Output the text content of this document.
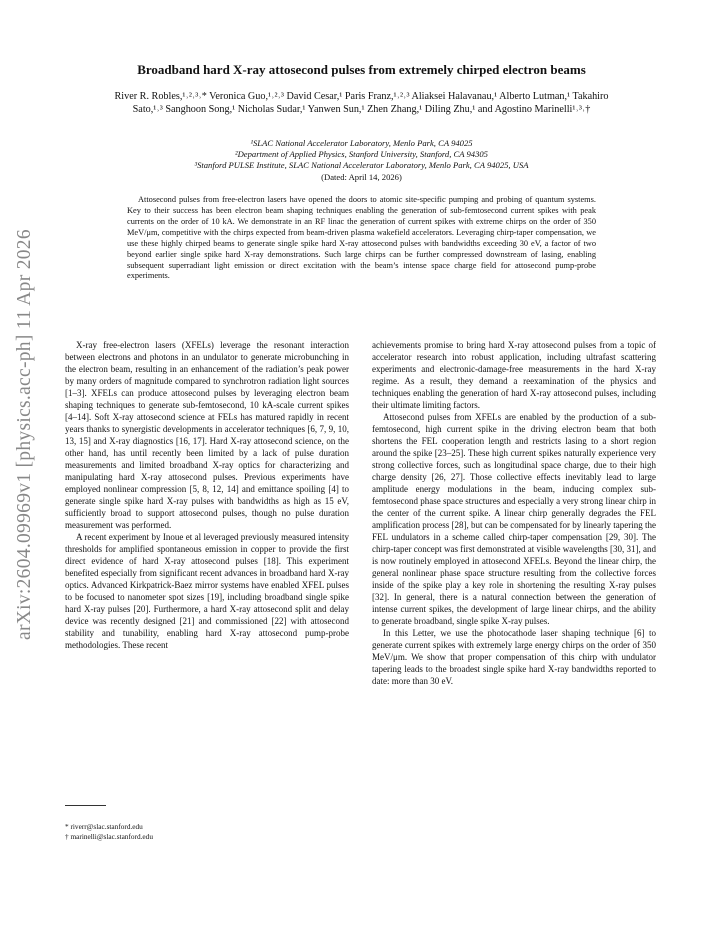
arXiv:2604.09969v1 [physics.acc-ph] 11 Apr 2026
Broadband hard X-ray attosecond pulses from extremely chirped electron beams
River R. Robles,¹˒²˒³˒* Veronica Guo,¹˒²˒³ David Cesar,¹ Paris Franz,¹˒²˒³ Aliaksei Halavanau,¹ Alberto Lutman,¹ Takahiro Sato,¹˒³ Sanghoon Song,¹ Nicholas Sudar,¹ Yanwen Sun,¹ Zhen Zhang,¹ Diling Zhu,¹ and Agostino Marinelli¹˒³˒†
¹SLAC National Accelerator Laboratory, Menlo Park, CA 94025
²Department of Applied Physics, Stanford University, Stanford, CA 94305
³Stanford PULSE Institute, SLAC National Accelerator Laboratory, Menlo Park, CA 94025, USA
(Dated: April 14, 2026)
Attosecond pulses from free-electron lasers have opened the doors to atomic site-specific pumping and probing of quantum systems. Key to their success has been electron beam shaping techniques enabling the generation of sub-femtosecond current spikes with peak currents on the order of 10 kA. We demonstrate in an RF linac the generation of current spikes with extreme chirps on the order of 350 MeV/μm, competitive with the chirps expected from beam-driven plasma wakefield accelerators. Leveraging chirp-taper compensation, we use these highly chirped beams to generate single spike hard X-ray attosecond pulses with bandwidths exceeding 30 eV, a factor of two beyond earlier single spike hard X-ray demonstrations. Such large chirps can be further compressed downstream of lasing, enabling subsequent superradiant light emission or direct excitation with the beam’s intense space charge field for attosecond pump-probe experiments.

X-ray free-electron lasers (XFELs) leverage the resonant interaction between electrons and photons in an undulator to generate microbunching in the electron beam, resulting in an enhancement of the radiation’s peak power by many orders of magnitude compared to synchrotron radiation light sources [1–3]. XFELs can produce attosecond pulses by leveraging electron beam shaping techniques to generate sub-femtosecond, 10 kA-scale current spikes [4–14]. Soft X-ray attosecond science at FELs has matured rapidly in recent years thanks to synergistic developments in accelerator techniques [6, 7, 9, 10, 13, 15] and X-ray diagnostics [16, 17]. Hard X-ray attosecond science, on the other hand, has until recently been limited by a lack of pulse duration measurements and limited broadband X-ray optics for characterizing and manipulating hard X-ray attosecond pulses. Previous experiments have employed nonlinear compression [5, 8, 12, 14] and emittance spoiling [4] to generate single spike hard X-ray pulses with bandwidths as high as 15 eV, sufficiently broad to support attosecond pulses, though no pulse duration measurement was performed.

A recent experiment by Inoue et al leveraged previously measured intensity thresholds for amplified spontaneous emission in copper to provide the first direct evidence of hard X-ray attosecond pulses [18]. This experiment benefited especially from significant recent advances in broadband hard X-ray optics. Advanced Kirkpatrick-Baez mirror systems have enabled XFEL pulses to be focused to nanometer spot sizes [19], including broadband single spike hard X-ray pulses [20]. Furthermore, a hard X-ray attosecond split and delay device was recently designed [21] and commissioned [22] with attosecond stability and tunability, enabling hard X-ray attosecond pump-probe methodologies. These recent

achievements promise to bring hard X-ray attosecond pulses from a topic of accelerator research into robust application, including ultrafast scattering experiments and electronic-damage-free measurements in the hard X-ray regime. As a result, they demand a reexamination of the physics and techniques enabling the generation of hard X-ray attosecond pulses, including their ultimate limiting factors.

Attosecond pulses from XFELs are enabled by the production of a sub-femtosecond, high current spike in the driving electron beam that both shortens the FEL cooperation length and restricts lasing to a short region around the spike [23–25]. These high current spikes naturally experience very strong collective forces, such as longitudinal space charge, due to their high charge density [26, 27]. Those collective effects inevitably lead to large amplitude energy modulations in the beam, inducing complex sub-femtosecond phase space structures and especially a very strong linear chirp in the center of the current spike. A linear chirp generally degrades the FEL amplification process [28], but can be compensated for by linearly tapering the FEL undulators in a scheme called chirp-taper compensation [29, 30]. The chirp-taper concept was first demonstrated at visible wavelengths [30, 31], and is now routinely employed in attosecond XFELs. Beyond the linear chirp, the general nonlinear phase space structure resulting from the collective forces inside of the spike play a key role in shortening the resulting X-ray pulses [32]. In general, there is a natural connection between the generation of intense current spikes, the development of large linear chirps, and the ability to generate broadband, single spike X-ray pulses.

In this Letter, we use the photocathode laser shaping technique [6] to generate current spikes with extremely large energy chirps on the order of 350 MeV/μm. We show that proper compensation of this chirp with undulator tapering leads to the broadest single spike hard X-ray bandwidths reported to date: more than 30 eV.

* riverr@slac.stanford.edu
† marinelli@slac.stanford.edu
